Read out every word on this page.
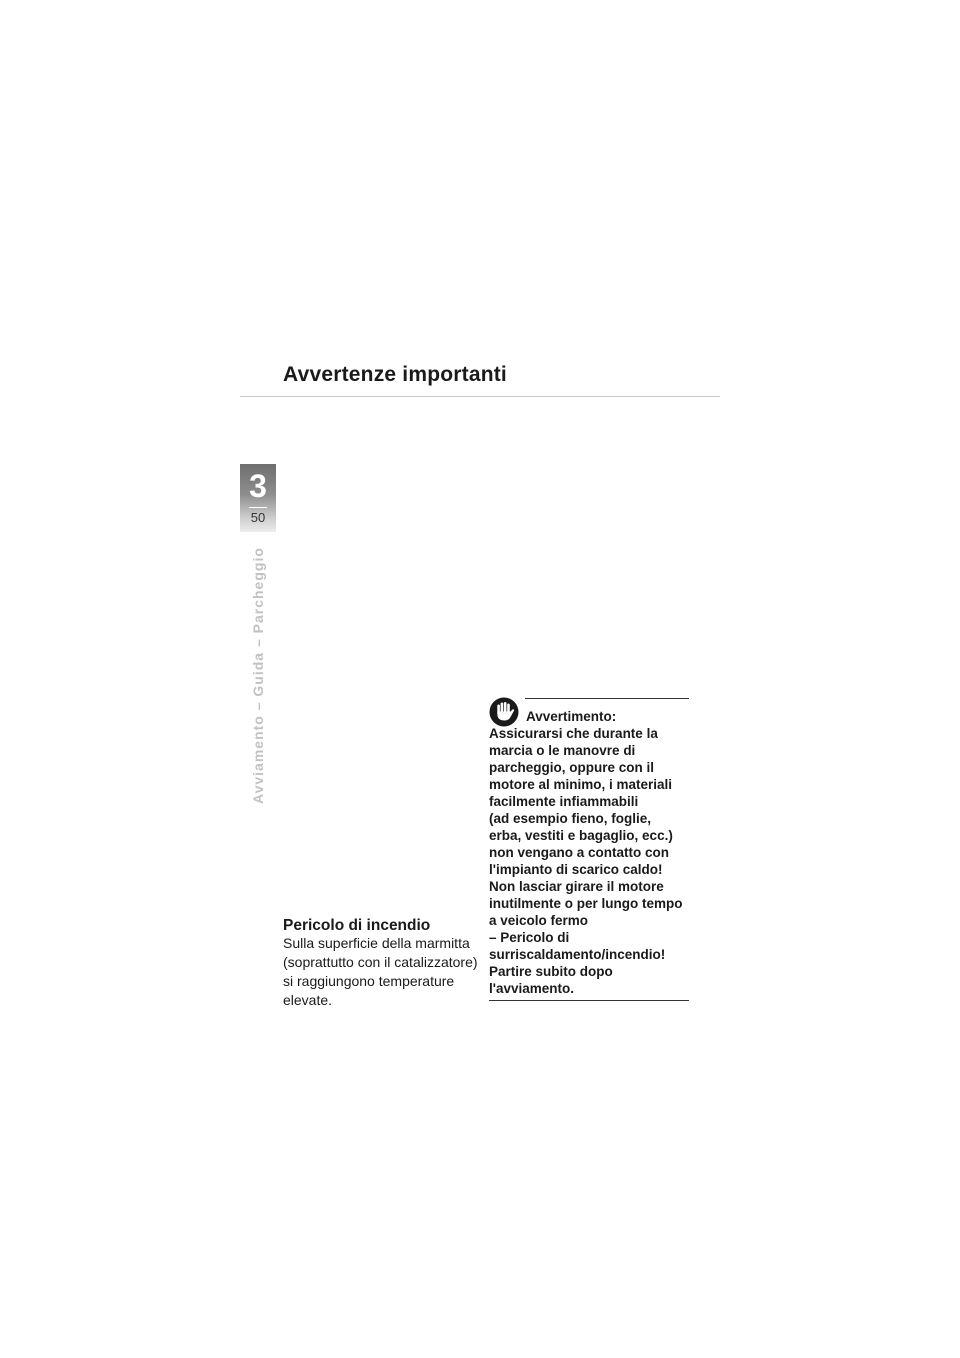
Avvertenze importanti
3
50
Avviamento – Guida – Parcheggio
Pericolo di incendio

Sulla superficie della marmitta (soprattutto con il catalizzatore) si raggiungono temperature elevate.

Avvertimento:

Assicurarsi che durante la
marcia o le manovre di
parcheggio, oppure con il
motore al minimo, i materiali
facilmente infiammabili
(ad esempio fieno, foglie,
erba, vestiti e bagaglio, ecc.)
non vengano a contatto con
l'impianto di scarico caldo!
Non lasciar girare il motore
inutilmente o per lungo tempo
a veicolo fermo
– Pericolo di
surriscaldamento/incendio!
Partire subito dopo
l'avviamento.
